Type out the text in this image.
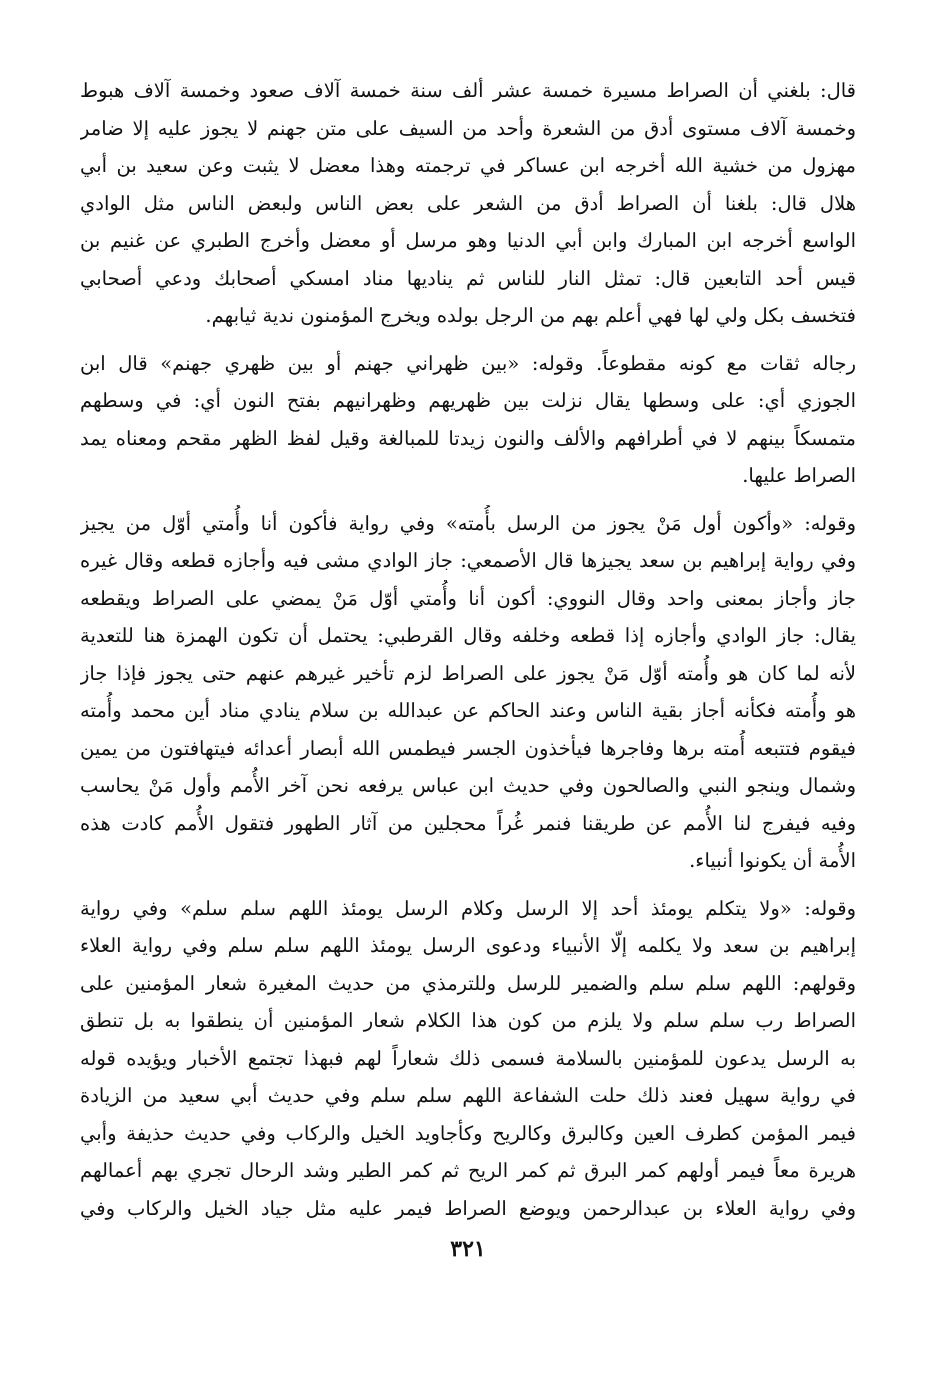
قال: بلغني أن الصراط مسيرة خمسة عشر ألف سنة خمسة آلاف صعود وخمسة آلاف هبوط
وخمسة آلاف مستوى أدق من الشعرة وأحد من السيف على متن جهنم لا يجوز عليه إلا ضامر
مهزول من خشية الله أخرجه ابن عساكر في ترجمته وهذا معضل لا يثبت وعن سعيد بن أبي
هلال قال: بلغنا أن الصراط أدق من الشعر على بعض الناس ولبعض الناس مثل الوادي
الواسع أخرجه ابن المبارك وابن أبي الدنيا وهو مرسل أو معضل وأخرج الطبري عن غنيم بن
قيس أحد التابعين قال: تمثل النار للناس ثم يناديها مناد امسكي أصحابك ودعي أصحابي
فتخسف بكل ولي لها فهي أعلم بهم من الرجل بولده ويخرج المؤمنون ندية ثيابهم.

رجاله ثقات مع كونه مقطوعاً. وقوله: «بين ظهراني جهنم أو بين ظهري جهنم» قال ابن
الجوزي أي: على وسطها يقال نزلت بين ظهريهم وظهرانيهم بفتح النون أي: في وسطهم
متمسكاً بينهم لا في أطرافهم والألف والنون زيدتا للمبالغة وقيل لفظ الظهر مقحم ومعناه يمد
الصراط عليها.

وقوله: «وأكون أول مَنْ يجوز من الرسل بأُمته» وفي رواية فأكون أنا وأُمتي أوّل من يجيز
وفي رواية إبراهيم بن سعد يجيزها قال الأصمعي: جاز الوادي مشى فيه وأجازه قطعه وقال غيره
جاز وأجاز بمعنى واحد وقال النووي: أكون أنا وأُمتي أوّل مَنْ يمضي على الصراط ويقطعه
يقال: جاز الوادي وأجازه إذا قطعه وخلفه وقال القرطبي: يحتمل أن تكون الهمزة هنا للتعدية
لأنه لما كان هو وأُمته أوّل مَنْ يجوز على الصراط لزم تأخير غيرهم عنهم حتى يجوز فإذا جاز
هو وأُمته فكأنه أجاز بقية الناس وعند الحاكم عن عبدالله بن سلام ينادي مناد أين محمد وأُمته
فيقوم فتتبعه أُمته برها وفاجرها فيأخذون الجسر فيطمس الله أبصار أعدائه فيتهافتون من يمين
وشمال وينجو النبي والصالحون وفي حديث ابن عباس يرفعه نحن آخر الأُمم وأول مَنْ يحاسب
وفيه فيفرج لنا الأُمم عن طريقنا فنمر غُراً محجلين من آثار الطهور فتقول الأُمم كادت هذه
الأُمة أن يكونوا أنبياء.

وقوله: «ولا يتكلم يومئذ أحد إلا الرسل وكلام الرسل يومئذ اللهم سلم سلم» وفي رواية
إبراهيم بن سعد ولا يكلمه إلّا الأنبياء ودعوى الرسل يومئذ اللهم سلم سلم وفي رواية العلاء
وقولهم: اللهم سلم سلم والضمير للرسل وللترمذي من حديث المغيرة شعار المؤمنين على
الصراط رب سلم سلم ولا يلزم من كون هذا الكلام شعار المؤمنين أن ينطقوا به بل تنطق
به الرسل يدعون للمؤمنين بالسلامة فسمى ذلك شعاراً لهم فبهذا تجتمع الأخبار ويؤيده قوله
في رواية سهيل فعند ذلك حلت الشفاعة اللهم سلم سلم وفي حديث أبي سعيد من الزيادة
فيمر المؤمن كطرف العين وكالبرق وكالريح وكأجاويد الخيل والركاب وفي حديث حذيفة وأبي
هريرة معاً فيمر أولهم كمر البرق ثم كمر الريح ثم كمر الطير وشد الرحال تجري بهم أعمالهم
وفي رواية العلاء بن عبدالرحمن ويوضع الصراط فيمر عليه مثل جياد الخيل والركاب وفي

٣٢١
